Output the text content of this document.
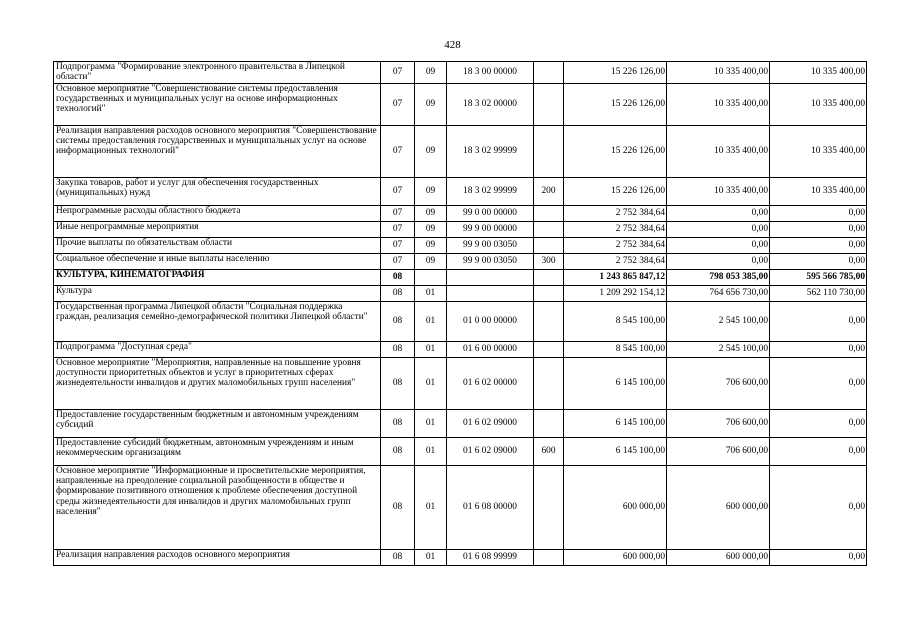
428
Подпрограмма "Формирование электронного правительства в Липецкой области"	07	09	18 3 00 00000		15 226 126,00	10 335 400,00	10 335 400,00
Основное мероприятие "Совершенствование системы предоставления государственных и муниципальных услуг на основе информационных технологий"	07	09	18 3 02 00000		15 226 126,00	10 335 400,00	10 335 400,00
Реализация направления расходов основного мероприятия "Совершенствование системы предоставления государственных и муниципальных услуг на основе информационных технологий"	07	09	18 3 02 99999		15 226 126,00	10 335 400,00	10 335 400,00
Закупка товаров, работ и услуг для обеспечения государственных (муниципальных) нужд	07	09	18 3 02 99999	200	15 226 126,00	10 335 400,00	10 335 400,00
Непрограммные расходы областного бюджета	07	09	99 0 00 00000		2 752 384,64	0,00	0,00
Иные непрограммные мероприятия	07	09	99 9 00 00000		2 752 384,64	0,00	0,00
Прочие выплаты по обязательствам области	07	09	99 9 00 03050		2 752 384,64	0,00	0,00
Социальное обеспечение и иные выплаты населению	07	09	99 9 00 03050	300	2 752 384,64	0,00	0,00
КУЛЬТУРА, КИНЕМАТОГРАФИЯ	08				1 243 865 847,12	798 053 385,00	595 566 785,00
Культура	08	01			1 209 292 154,12	764 656 730,00	562 110 730,00
Государственная программа Липецкой области "Социальная поддержка граждан, реализация семейно-демографической политики Липецкой области"	08	01	01 0 00 00000		8 545 100,00	2 545 100,00	0,00
Подпрограмма "Доступная среда"	08	01	01 6 00 00000		8 545 100,00	2 545 100,00	0,00
Основное мероприятие "Мероприятия, направленные на повышение уровня доступности приоритетных объектов и услуг в приоритетных сферах жизнедеятельности инвалидов и других маломобильных групп населения"	08	01	01 6 02 00000		6 145 100,00	706 600,00	0,00
Предоставление государственным бюджетным и автономным учреждениям субсидий	08	01	01 6 02 09000		6 145 100,00	706 600,00	0,00
Предоставление субсидий бюджетным, автономным учреждениям и иным некоммерческим организациям	08	01	01 6 02 09000	600	6 145 100,00	706 600,00	0,00
Основное мероприятие "Информационные и просветительские мероприятия, направленные на преодоление социальной разобщенности в обществе и формирование позитивного отношения к проблеме обеспечения доступной среды жизнедеятельности для инвалидов и других маломобильных групп населения"	08	01	01 6 08 00000		600 000,00	600 000,00	0,00
Реализация направления расходов основного мероприятия	08	01	01 6 08 99999		600 000,00	600 000,00	0,00
